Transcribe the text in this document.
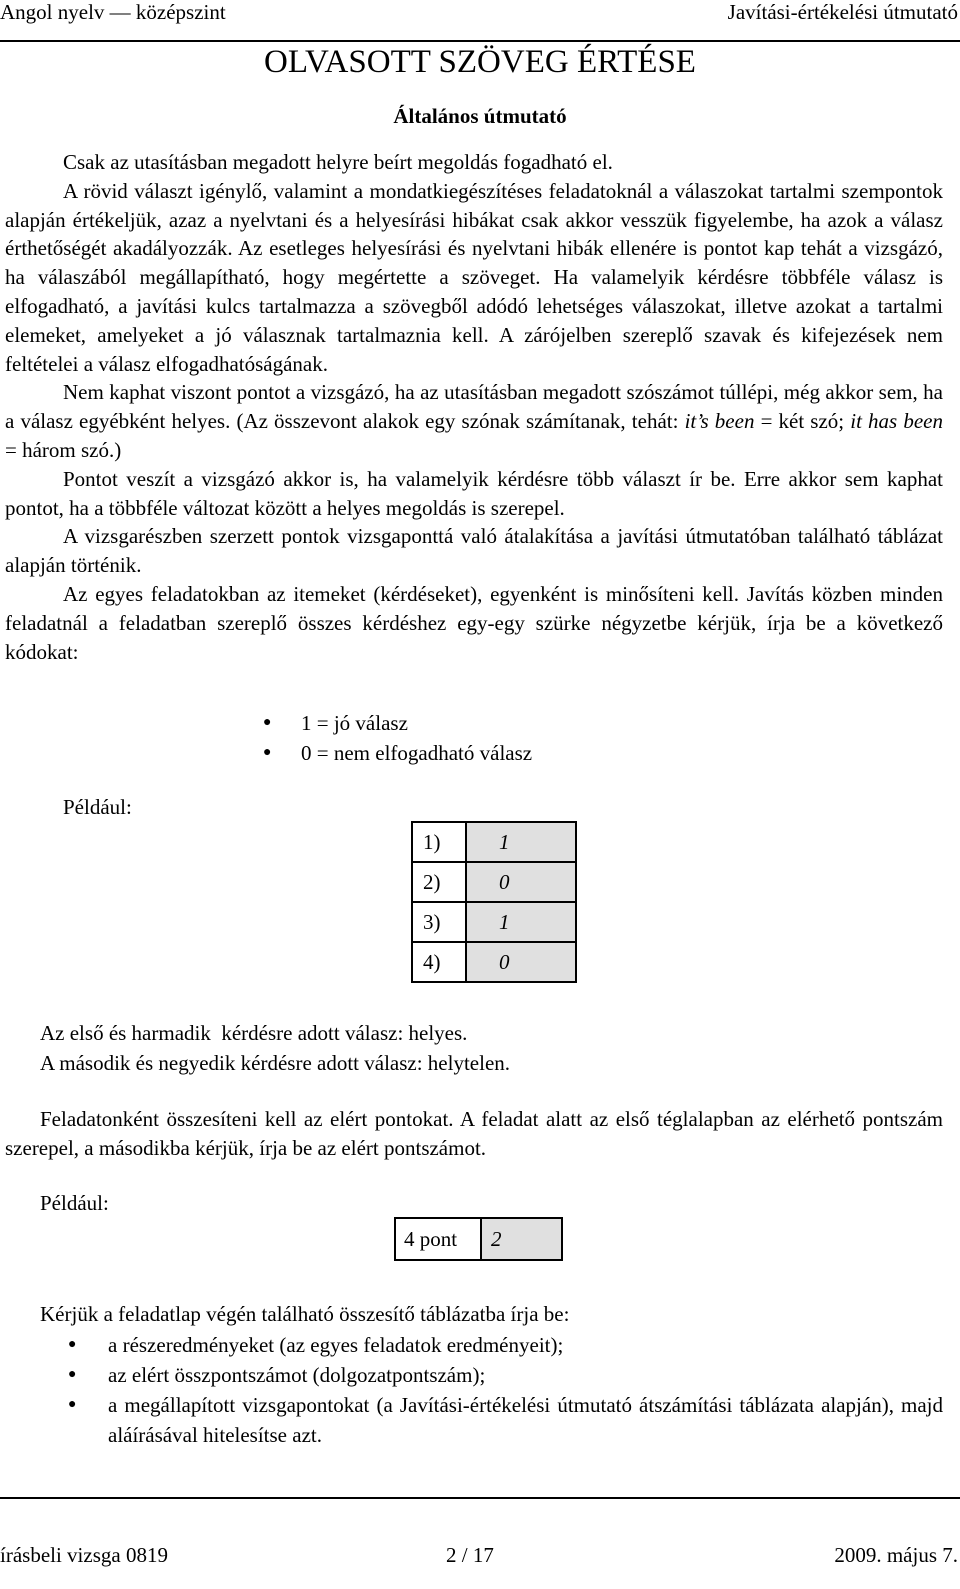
Angol nyelv — középszint	Javítási-értékelési útmutató
OLVASOTT SZÖVEG ÉRTÉSE
Általános útmutató

Csak az utasításban megadott helyre beírt megoldás fogadható el.

A rövid választ igénylő, valamint a mondatkiegészítéses feladatoknál a válaszokat tartalmi szempontok alapján értékeljük, azaz a nyelvtani és a helyesírási hibákat csak akkor vesszük figyelembe, ha azok a válasz érthetőségét akadályozzák. Az esetleges helyesírási és nyelvtani hibák ellenére is pontot kap tehát a vizsgázó, ha válaszából megállapítható, hogy megértette a szöveget. Ha valamelyik kérdésre többféle válasz is elfogadható, a javítási kulcs tartalmazza a szövegből adódó lehetséges válaszokat, illetve azokat a tartalmi elemeket, amelyeket a jó válasznak tartalmaznia kell. A zárójelben szereplő szavak és kifejezések nem feltételei a válasz elfogadhatóságának.

Nem kaphat viszont pontot a vizsgázó, ha az utasításban megadott szószámot túllépi, még akkor sem, ha a válasz egyébként helyes. (Az összevont alakok egy szónak számítanak, tehát: it’s been = két szó; it has been = három szó.)

Pontot veszít a vizsgázó akkor is, ha valamelyik kérdésre több választ ír be. Erre akkor sem kaphat pontot, ha a többféle változat között a helyes megoldás is szerepel.

A vizsgarészben szerzett pontok vizsgaponttá való átalakítása a javítási útmutatóban található táblázat alapján történik.

Az egyes feladatokban az itemeket (kérdéseket), egyenként is minősíteni kell. Javítás közben minden feladatnál a feladatban szereplő összes kérdéshez egy-egy szürke négyzetbe kérjük, írja be a következő kódokat:

● 1 = jó válasz
● 0 = nem elfogadható válasz
Például:
1)	1
2)	0
3)	1
4)	0
Az első és harmadik  kérdésre adott válasz: helyes.
A második és negyedik kérdésre adott válasz: helytelen.

Feladatonként összesíteni kell az elért pontokat. A feladat alatt az első téglalapban az elérhető pontszám szerepel, a másodikba kérjük, írja be az elért pontszámot.

Például:
4 pont	2
Kérjük a feladatlap végén található összesítő táblázatba írja be:
● a részeredményeket (az egyes feladatok eredményeit);
● az elért összpontszámot (dolgozatpontszám);
● a megállapított vizsgapontokat (a Javítási-értékelési útmutató átszámítási táblázata alapján), majd aláírásával hitelesítse azt.
írásbeli vizsga 0819	2 / 17	2009. május 7.
